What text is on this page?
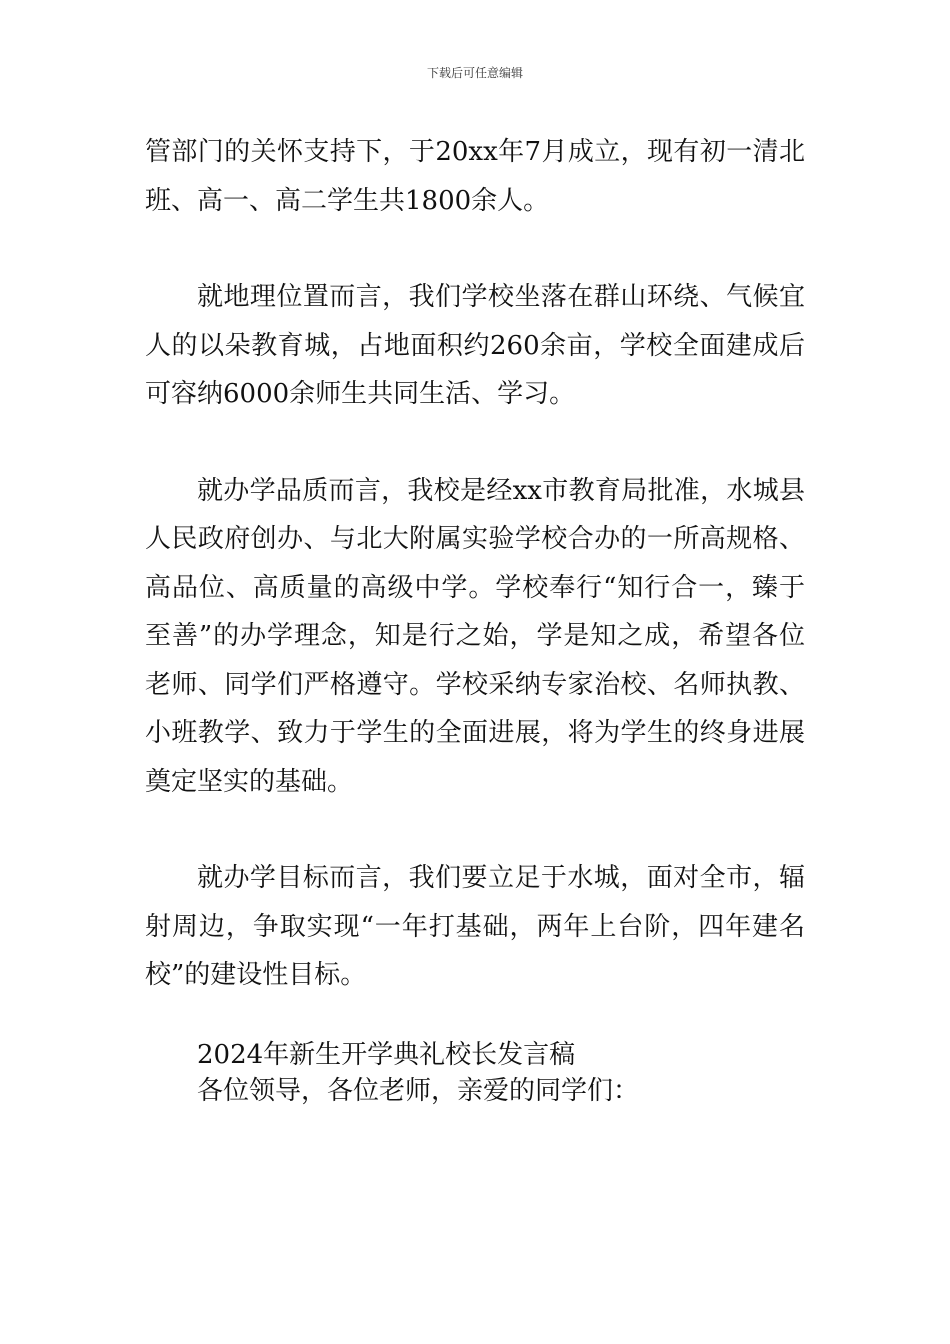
下载后可任意编辑

管部门的关怀支持下，于20xx年7月成立，现有初一清北班、高一、高二学生共1800余人。

就地理位置而言，我们学校坐落在群山环绕、气候宜人的以朵教育城，占地面积约260余亩，学校全面建成后可容纳6000余师生共同生活、学习。

就办学品质而言，我校是经xx市教育局批准，水城县人民政府创办、与北大附属实验学校合办的一所高规格、高品位、高质量的高级中学。学校奉行“知行合一，臻于至善”的办学理念，知是行之始，学是知之成，希望各位老师、同学们严格遵守。学校采纳专家治校、名师执教、小班教学、致力于学生的全面进展，将为学生的终身进展奠定坚实的基础。

就办学目标而言，我们要立足于水城，面对全市，辐射周边，争取实现“一年打基础，两年上台阶，四年建名校”的建设性目标。

2024年新生开学典礼校长发言稿

各位领导，各位老师，亲爱的同学们：
